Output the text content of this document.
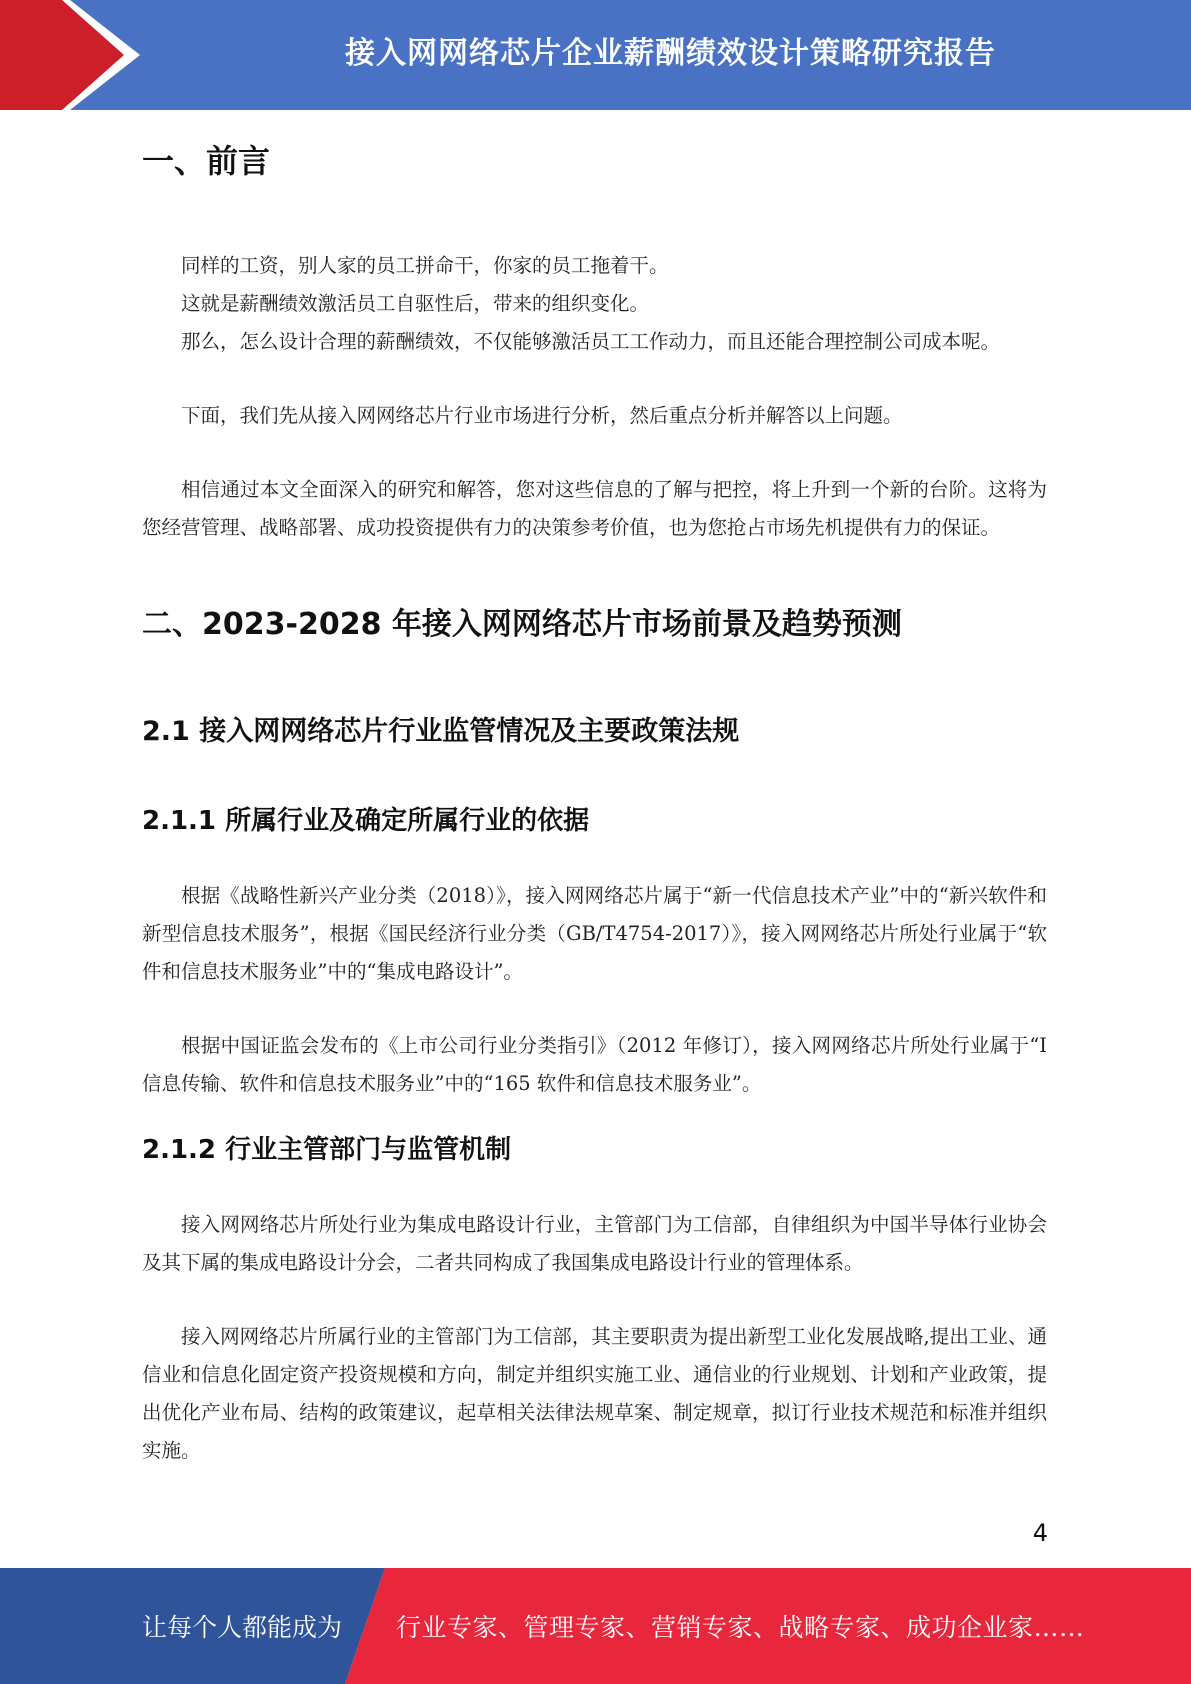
接入网网络芯片企业薪酬绩效设计策略研究报告
一、前言

同样的工资，别人家的员工拼命干，你家的员工拖着干。

这就是薪酬绩效激活员工自驱性后，带来的组织变化。

那么，怎么设计合理的薪酬绩效，不仅能够激活员工工作动力，而且还能合理控制公司成本呢。

下面，我们先从接入网网络芯片行业市场进行分析，然后重点分析并解答以上问题。

相信通过本文全面深入的研究和解答，您对这些信息的了解与把控，将上升到一个新的台阶。这将为您经营管理、战略部署、成功投资提供有力的决策参考价值，也为您抢占市场先机提供有力的保证。

二、2023-2028 年接入网网络芯片市场前景及趋势预测
2.1 接入网网络芯片行业监管情况及主要政策法规
2.1.1 所属行业及确定所属行业的依据

根据《战略性新兴产业分类（2018）》，接入网网络芯片属于“新一代信息技术产业”中的“新兴软件和新型信息技术服务”，根据《国民经济行业分类（GB/T4754-2017）》，接入网网络芯片所处行业属于“软件和信息技术服务业”中的“集成电路设计”。

根据中国证监会发布的《上市公司行业分类指引》（2012 年修订），接入网网络芯片所处行业属于“I 信息传输、软件和信息技术服务业”中的“165 软件和信息技术服务业”。

2.1.2 行业主管部门与监管机制

接入网网络芯片所处行业为集成电路设计行业，主管部门为工信部，自律组织为中国半导体行业协会及其下属的集成电路设计分会，二者共同构成了我国集成电路设计行业的管理体系。

接入网网络芯片所属行业的主管部门为工信部，其主要职责为提出新型工业化发展战略,提出工业、通信业和信息化固定资产投资规模和方向，制定并组织实施工业、通信业的行业规划、计划和产业政策，提出优化产业布局、结构的政策建议，起草相关法律法规草案、制定规章，拟订行业技术规范和标准并组织实施。

4
让每个人都能成为 行业专家、管理专家、营销专家、战略专家、成功企业家……
